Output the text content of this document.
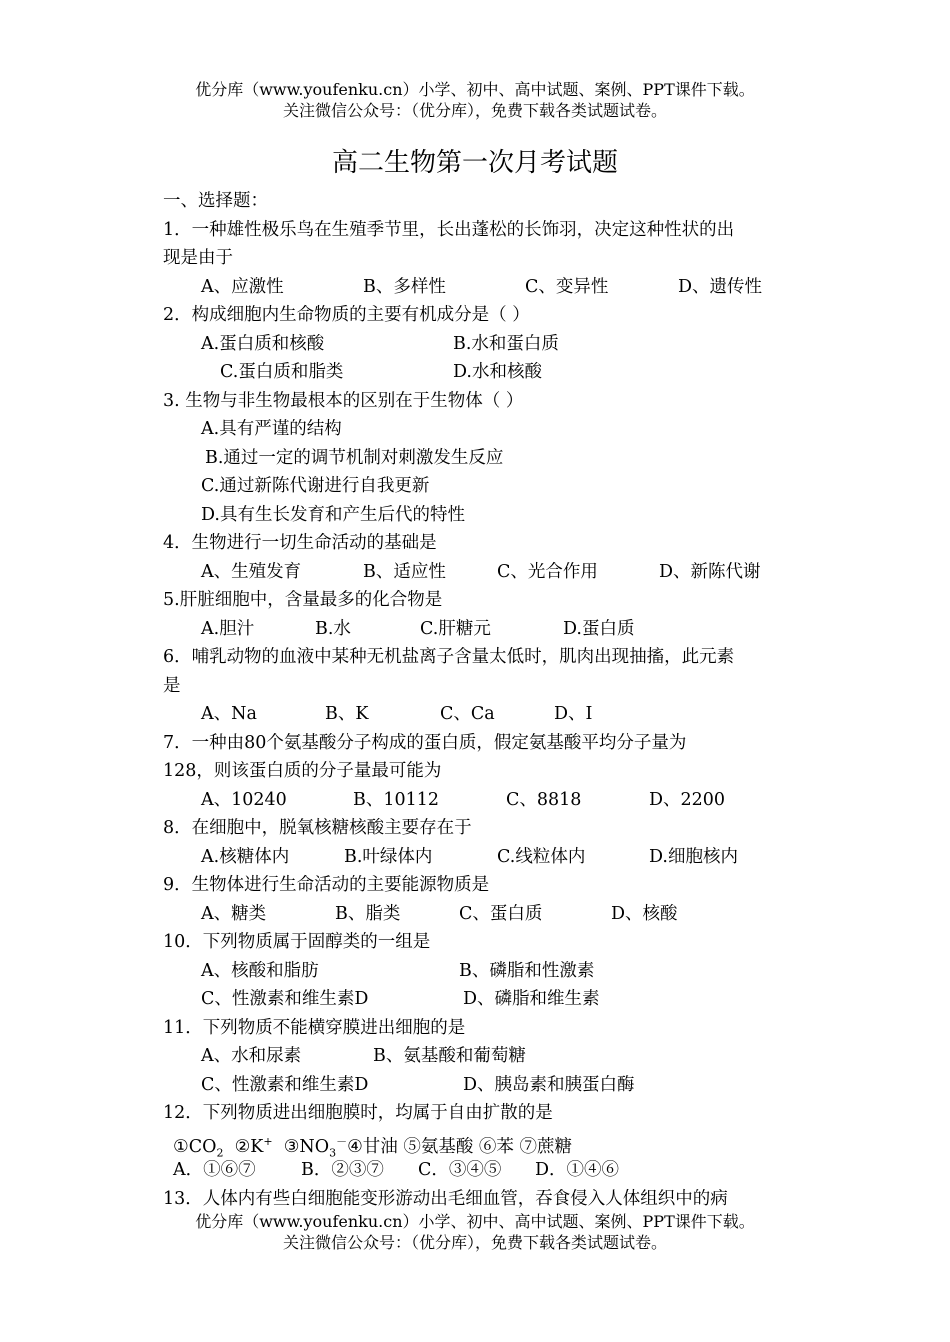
优分库（www.youfenku.cn）小学、初中、高中试题、案例、PPT课件下载。
关注微信公众号：（优分库），免费下载各类试题试卷。
高二生物第一次月考试题
一、选择题：
1．一种雄性极乐鸟在生殖季节里，长出蓬松的长饰羽，决定这种性状的出
现是由于
A、应激性	B、多样性	C、变异性	D、遗传性
2．构成细胞内生命物质的主要有机成分是（ ）
A.蛋白质和核酸	B.水和蛋白质
C.蛋白质和脂类	D.水和核酸
3. 生物与非生物最根本的区别在于生物体（ ）
A.具有严谨的结构
B.通过一定的调节机制对刺激发生反应
C.通过新陈代谢进行自我更新
D.具有生长发育和产生后代的特性
4．生物进行一切生命活动的基础是
A、生殖发育	B、适应性	C、光合作用	D、新陈代谢
5.肝脏细胞中，含量最多的化合物是
A.胆汁	B.水	C.肝糖元	D.蛋白质
6．哺乳动物的血液中某种无机盐离子含量太低时，肌肉出现抽搐，此元素
是
A、Na	B、K	C、Ca	D、I
7．一种由80个氨基酸分子构成的蛋白质，假定氨基酸平均分子量为
128，则该蛋白质的分子量最可能为
A、10240	B、10112	C、8818	D、2200
8．在细胞中，脱氧核糖核酸主要存在于
A.核糖体内	B.叶绿体内	C.线粒体内	D.细胞核内
9．生物体进行生命活动的主要能源物质是
A、糖类	B、脂类	C、蛋白质	D、核酸
10．下列物质属于固醇类的一组是
A、核酸和脂肪	B、磷脂和性激素
C、性激素和维生素D	D、磷脂和维生素
11．下列物质不能横穿膜进出细胞的是
A、水和尿素	B、氨基酸和葡萄糖
C、性激素和维生素D	D、胰岛素和胰蛋白酶
12．下列物质进出细胞膜时，均属于自由扩散的是
$①CO_2$ ②K+ $③NO_3^-④$甘油 ⑤氨基酸 ⑥苯 ⑦蔗糖
A．①⑥⑦	B．②③⑦ C．③④⑤ D．①④⑥
13．人体内有些白细胞能变形游动出毛细血管，吞食侵入人体组织中的病
优分库（www.youfenku.cn）小学、初中、高中试题、案例、PPT课件下载。
关注微信公众号：（优分库），免费下载各类试题试卷。
